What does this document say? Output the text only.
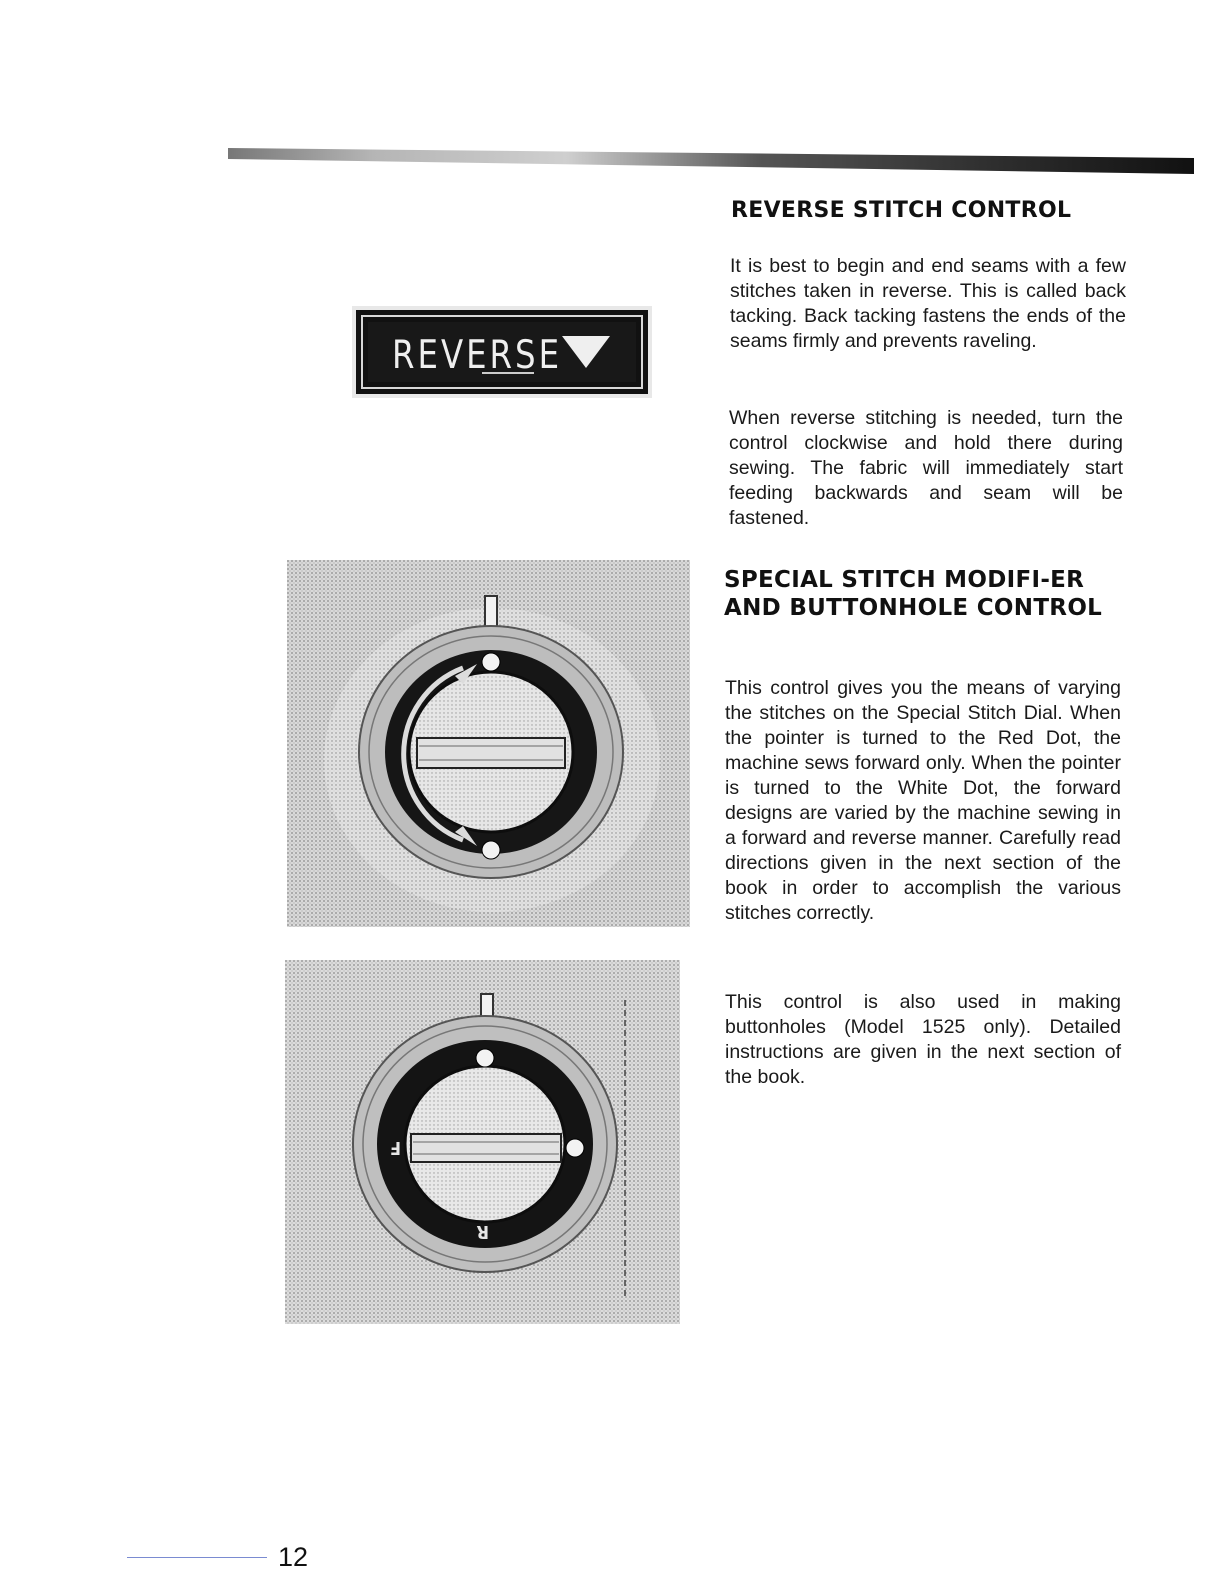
REVERSE
REVERSE STITCH CONTROL

It is best to begin and end seams with a few stitches taken in reverse. This is called back tacking. Back tacking fastens the ends of the seams firmly and prevents raveling.

When reverse stitching is needed, turn the control clockwise and hold there during sewing. The fabric will immediately start feeding backwards and seam will be fastened.

SPECIAL STITCH MODIFI-ER AND BUTTONHOLE CONTROL

This control gives you the means of varying the stitches on the Special Stitch Dial. When the pointer is turned to the Red Dot, the machine sews forward only. When the pointer is turned to the White Dot, the forward designs are varied by the machine sewing in a forward and reverse manner. Carefully read directions given in the next section of the book in order to accomplish the various stitches correctly.

This control is also used in making buttonholes (Model 1525 only). Detailed instructions are given in the next section of the book.

F
R
12
